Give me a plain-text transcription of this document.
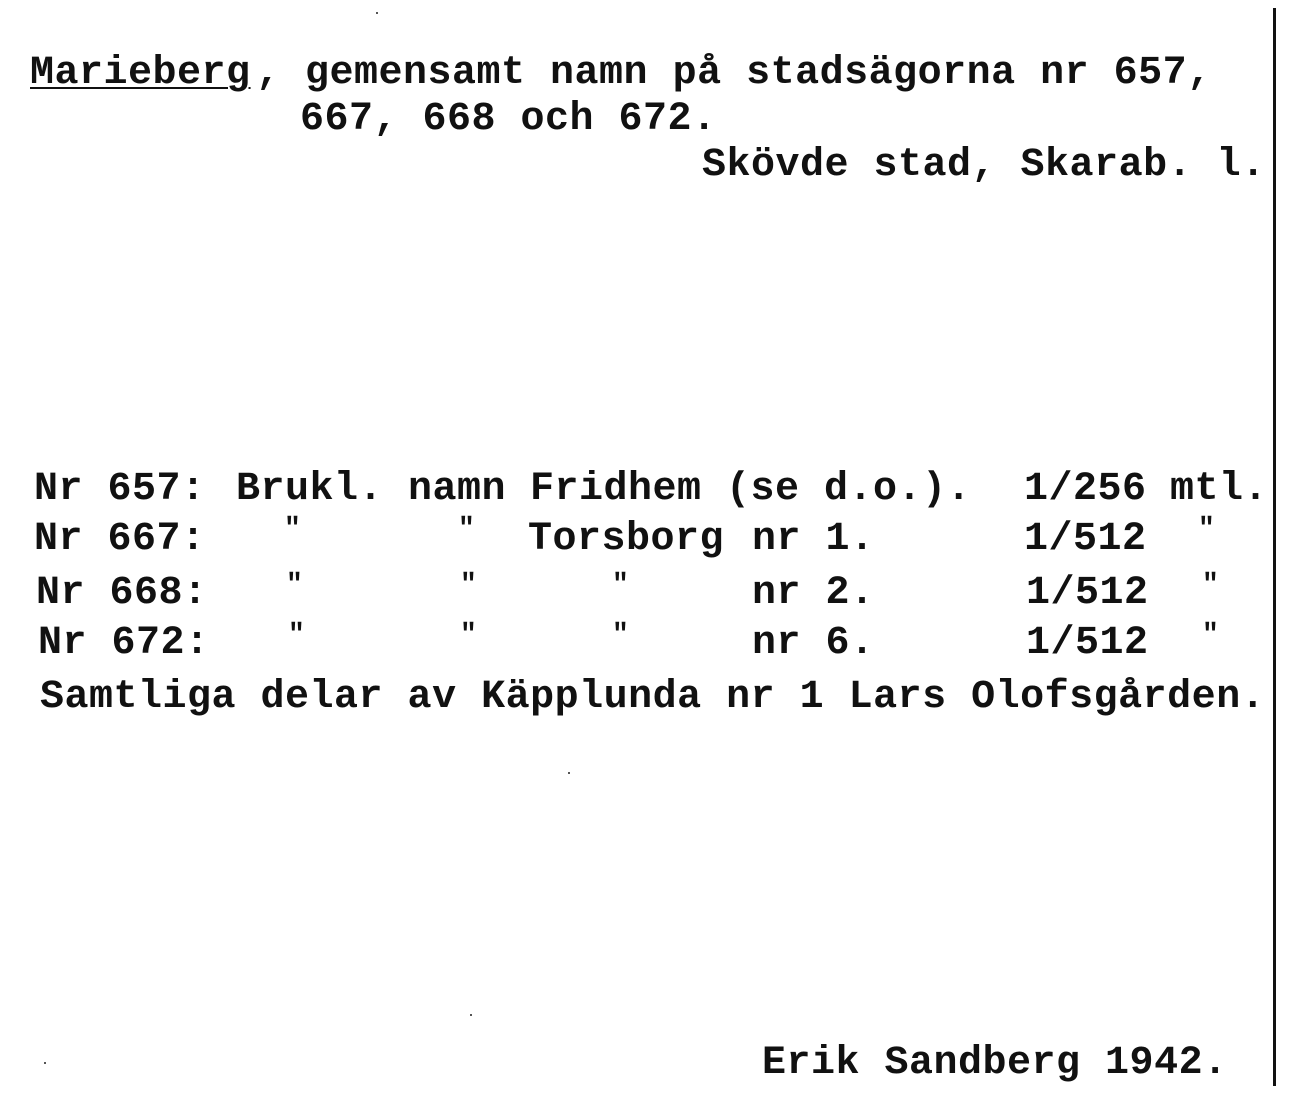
Marieberg , gemensamt namn på stadsägorna nr 657,
667, 668 och 672.
Skövde stad, Skarab. l.
Nr 657: Brukl. namn Fridhem (se d.o.). 1/256 mtl.
Nr 667:	"	" Torsborg nr 1.	1/512 "
Nr 668:	"	"	"	nr 2.	1/512 "
Nr 672:	"	"	"	nr 6.	1/512 "
Samtliga delar av Käpplunda nr 1 Lars Olofsgården.
Erik Sandberg 1942.
